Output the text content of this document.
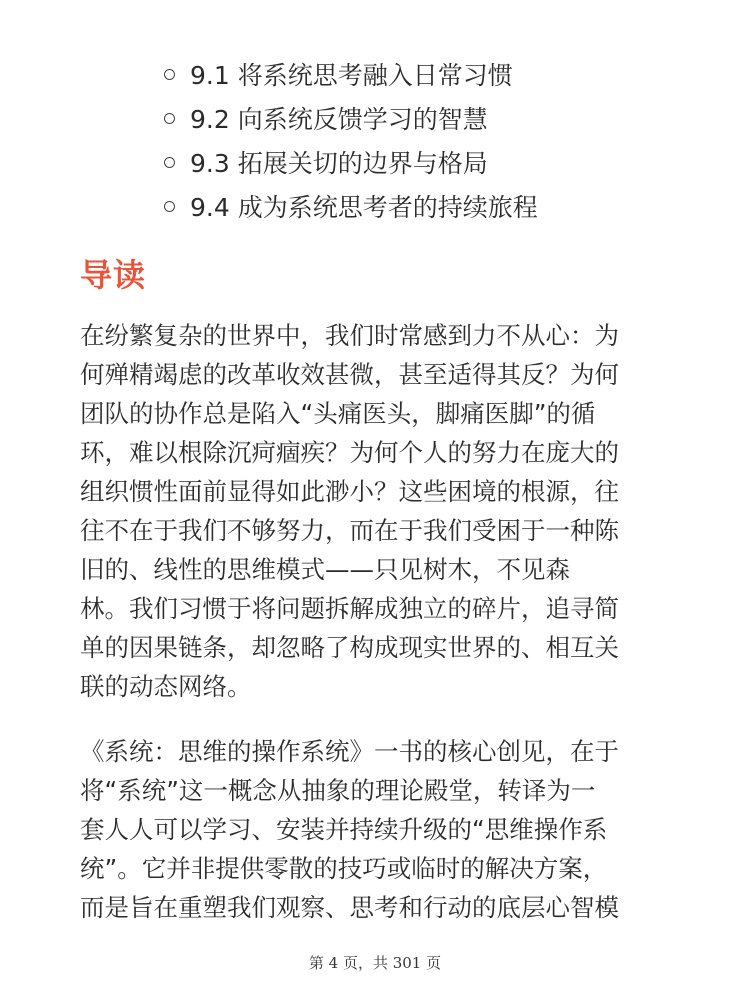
9.1 将系统思考融入日常习惯
9.2 向系统反馈学习的智慧
9.3 拓展关切的边界与格局
9.4 成为系统思考者的持续旅程
导读
在纷繁复杂的世界中，我们时常感到力不从心：为
何殚精竭虑的改革收效甚微，甚至适得其反？为何
团队的协作总是陷入“头痛医头，脚痛医脚”的循
环，难以根除沉疴痼疾？为何个人的努力在庞大的
组织惯性面前显得如此渺小？这些困境的根源，往
往不在于我们不够努力，而在于我们受困于一种陈
旧的、线性的思维模式——只见树木，不见森
林。我们习惯于将问题拆解成独立的碎片，追寻简
单的因果链条，却忽略了构成现实世界的、相互关
联的动态网络。
《系统：思维的操作系统》一书的核心创见，在于
将“系统”这一概念从抽象的理论殿堂，转译为一
套人人可以学习、安装并持续升级的“思维操作系
统”。它并非提供零散的技巧或临时的解决方案，
而是旨在重塑我们观察、思考和行动的底层心智模
第 4 页，共 301 页
